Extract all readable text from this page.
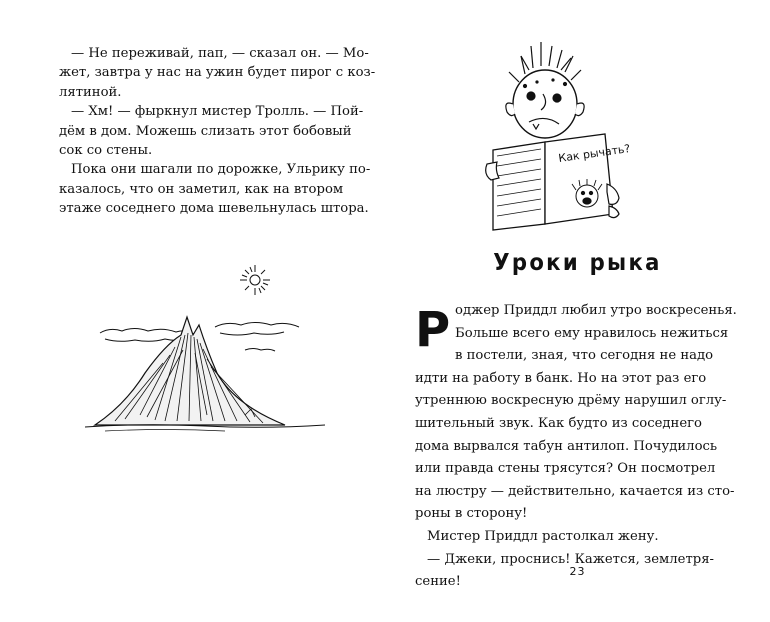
— Не переживай, пап, — сказал он. — Мо-

жет, завтра у нас на ужин будет пирог с коз-

лятиной.

— Хм! — фыркнул мистер Тролль. — Пой-

дём в дом. Можешь слизать этот бобовый

сок со стены.

Пока они шагали по дорожке, Ульрику по-

казалось, что он заметил, как на втором

этаже соседнего дома шевельнулась штора.

Как рычать?
Уроки рыка
Р оджер Приддл любил утро воскресенья.

Больше всего ему нравилось нежиться

в постели, зная, что сегодня не надо

идти на работу в банк. Но на этот раз его

утреннюю воскресную дрёму нарушил оглу-

шительный звук. Как будто из соседнего

дома вырвался табун антилоп. Почудилось

или правда стены трясутся? Он посмотрел

на люстру — действительно, качается из сто-

роны в сторону!

Мистер Приддл растолкал жену.

— Джеки, проснись! Кажется, землетря-

сение!

23
